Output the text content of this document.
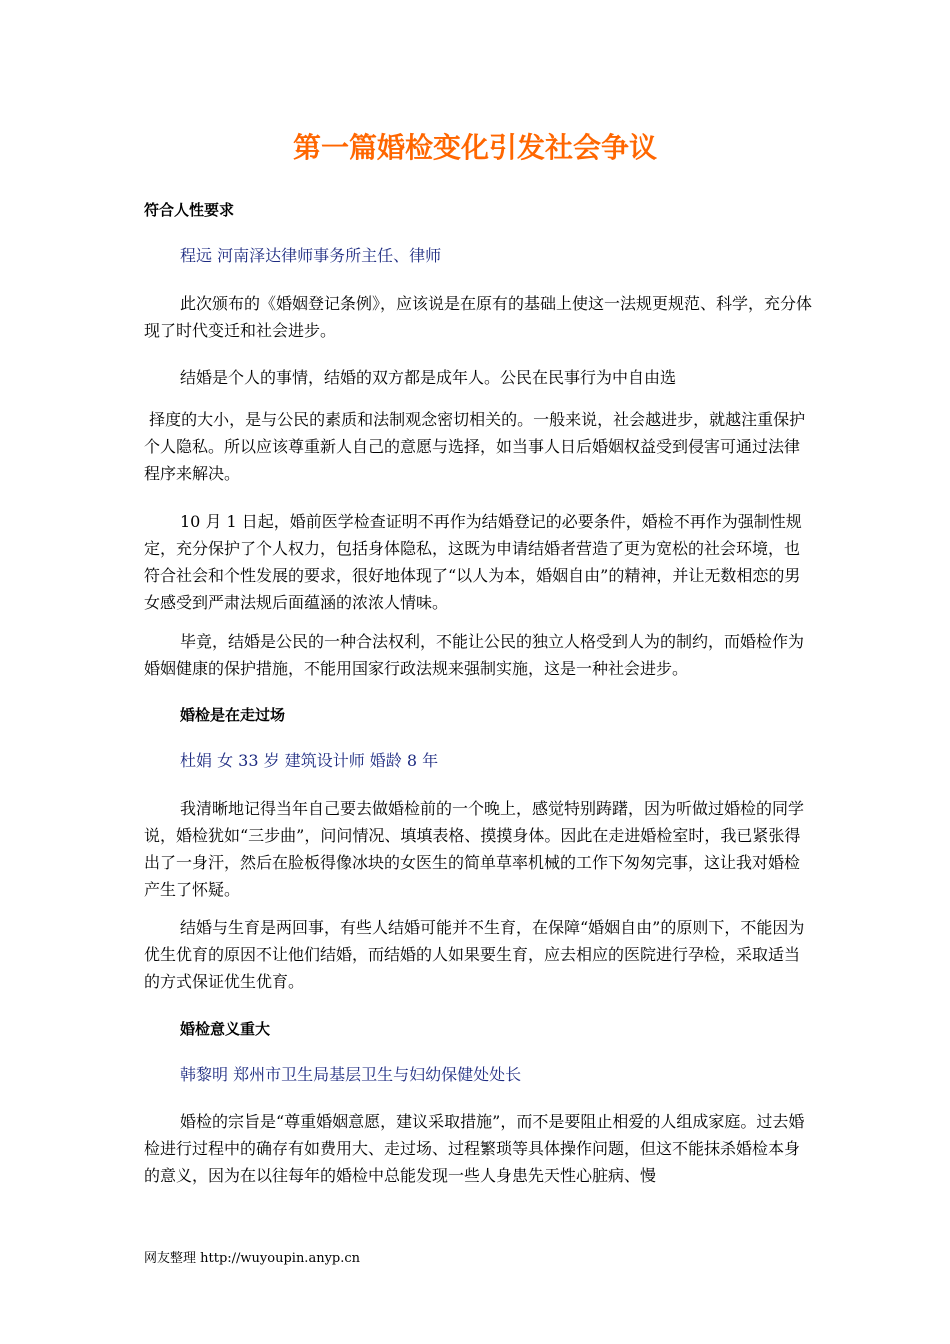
第一篇婚检变化引发社会争议
符合人性要求
程远 河南泽达律师事务所主任、律师

此次颁布的《婚姻登记条例》，应该说是在原有的基础上使这一法规更规范、科学，充分体现了时代变迁和社会进步。

结婚是个人的事情，结婚的双方都是成年人。公民在民事行为中自由选

择度的大小，是与公民的素质和法制观念密切相关的。一般来说，社会越进步，就越注重保护个人隐私。所以应该尊重新人自己的意愿与选择，如当事人日后婚姻权益受到侵害可通过法律程序来解决。

10 月 1 日起，婚前医学检查证明不再作为结婚登记的必要条件，婚检不再作为强制性规定，充分保护了个人权力，包括身体隐私，这既为申请结婚者营造了更为宽松的社会环境，也符合社会和个性发展的要求，很好地体现了“以人为本，婚姻自由”的精神，并让无数相恋的男女感受到严肃法规后面蕴涵的浓浓人情味。

毕竟，结婚是公民的一种合法权利，不能让公民的独立人格受到人为的制约，而婚检作为婚姻健康的保护措施，不能用国家行政法规来强制实施，这是一种社会进步。

婚检是在走过场
杜娟 女 33 岁 建筑设计师 婚龄 8 年

我清晰地记得当年自己要去做婚检前的一个晚上，感觉特别踌躇，因为听做过婚检的同学说，婚检犹如“三步曲”，问问情况、填填表格、摸摸身体。因此在走进婚检室时，我已紧张得出了一身汗，然后在脸板得像冰块的女医生的简单草率机械的工作下匆匆完事，这让我对婚检产生了怀疑。

结婚与生育是两回事，有些人结婚可能并不生育，在保障“婚姻自由”的原则下，不能因为优生优育的原因不让他们结婚，而结婚的人如果要生育，应去相应的医院进行孕检，采取适当的方式保证优生优育。

婚检意义重大
韩黎明 郑州市卫生局基层卫生与妇幼保健处处长

婚检的宗旨是“尊重婚姻意愿，建议采取措施”，而不是要阻止相爱的人组成家庭。过去婚检进行过程中的确存有如费用大、走过场、过程繁琐等具体操作问题，但这不能抹杀婚检本身的意义，因为在以往每年的婚检中总能发现一些人身患先天性心脏病、慢

网友整理 http://wuyoupin.anyp.cn
